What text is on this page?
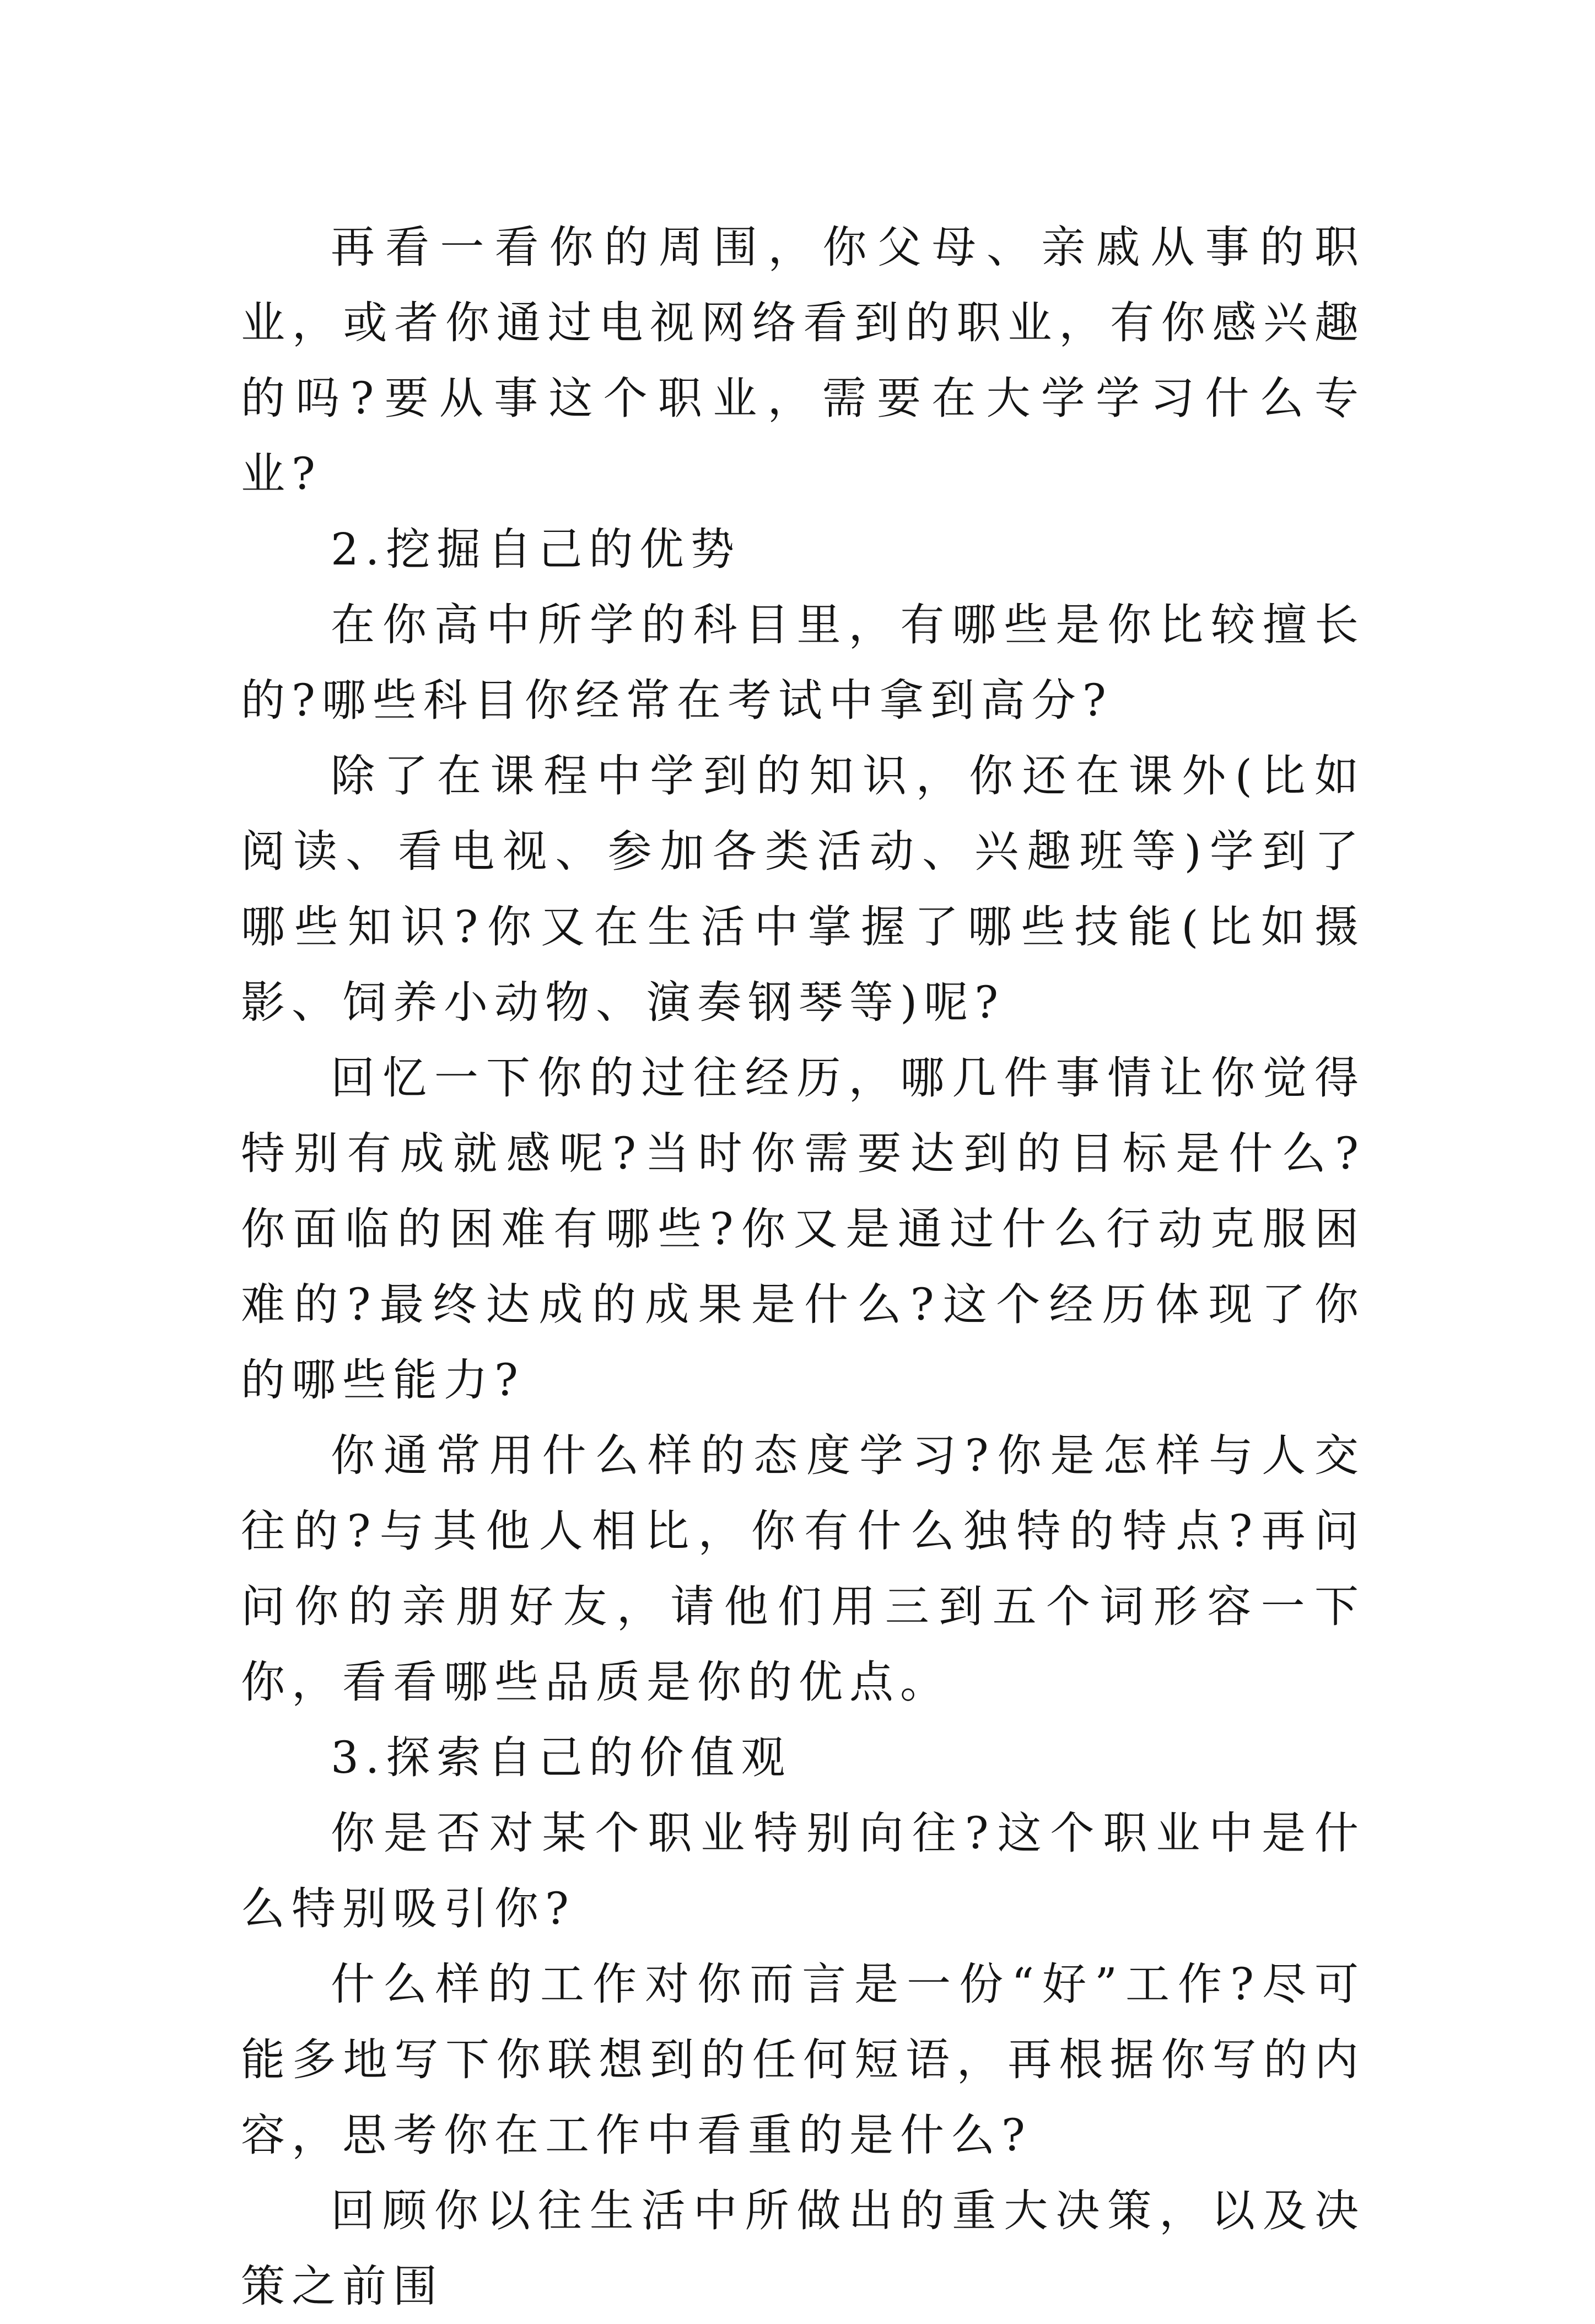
再看一看你的周围，你父母、亲戚从事的职业，或者你通过电视网络看到的职业，有你感兴趣的吗?要从事这个职业，需要在大学学习什么专业?

2.挖掘自己的优势

在你高中所学的科目里，有哪些是你比较擅长的?哪些科目你经常在考试中拿到高分?

除了在课程中学到的知识，你还在课外(比如阅读、看电视、参加各类活动、兴趣班等)学到了哪些知识?你又在生活中掌握了哪些技能(比如摄影、饲养小动物、演奏钢琴等)呢?

回忆一下你的过往经历，哪几件事情让你觉得特别有成就感呢?当时你需要达到的目标是什么?你面临的困难有哪些?你又是通过什么行动克服困难的?最终达成的成果是什么?这个经历体现了你的哪些能力?

你通常用什么样的态度学习?你是怎样与人交往的?与其他人相比，你有什么独特的特点?再问问你的亲朋好友，请他们用三到五个词形容一下你，看看哪些品质是你的优点。

3.探索自己的价值观

你是否对某个职业特别向往?这个职业中是什么特别吸引你?

什么样的工作对你而言是一份“好”工作?尽可能多地写下你联想到的任何短语，再根据你写的内容，思考你在工作中看重的是什么?

回顾你以往生活中所做出的重大决策，以及决策之前围
